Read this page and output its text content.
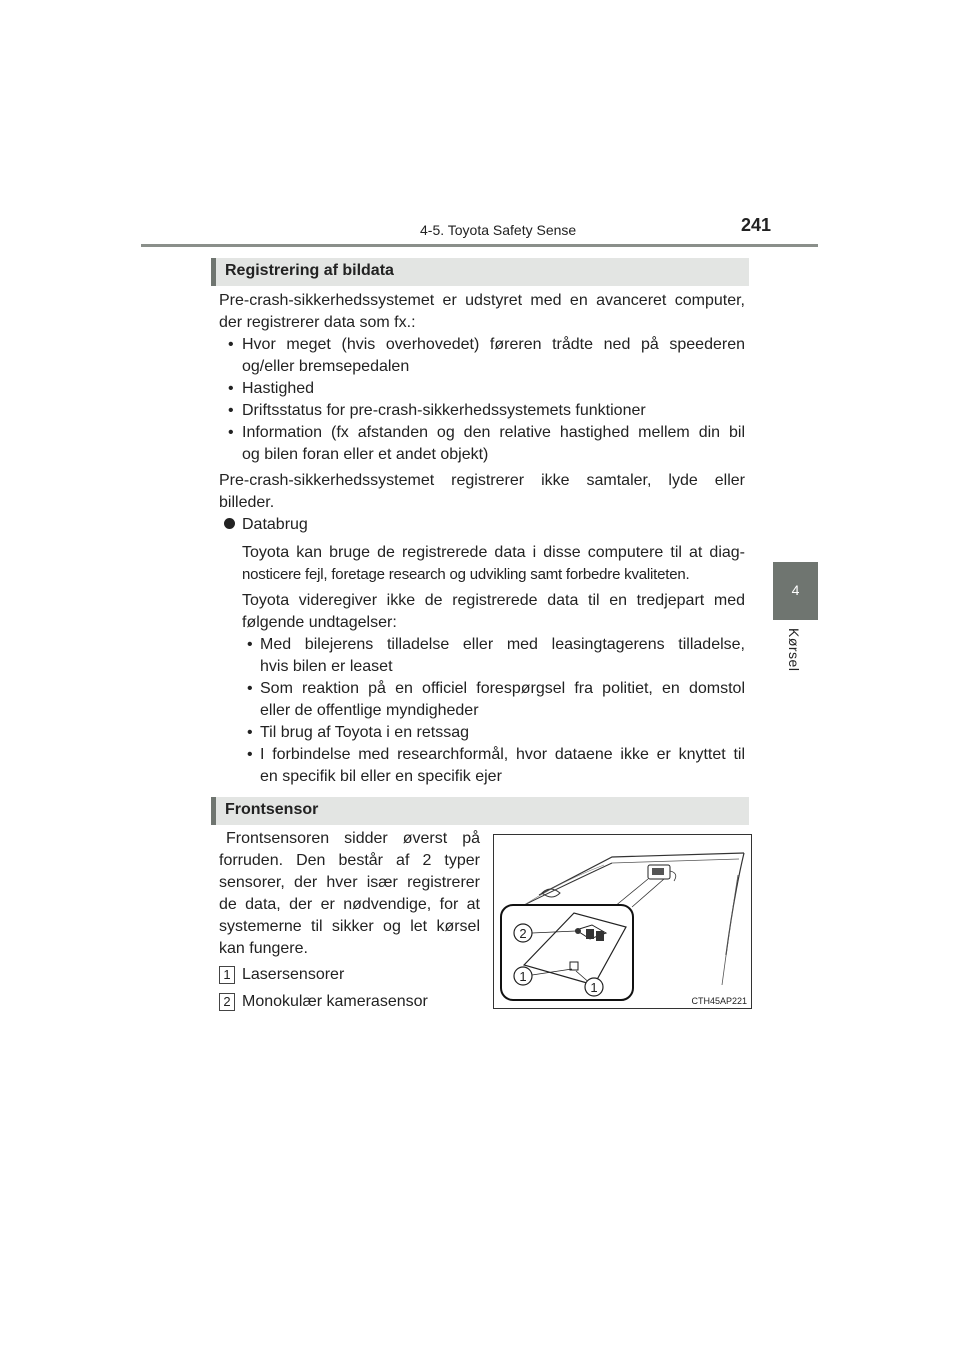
4-5. Toyota Safety Sense	241
4
Kørsel
Registrering af bildata
Pre-crash-sikkerhedssystemet er udstyret med en avanceret computer,
der registrerer data som fx.:
• Hvor meget (hvis overhovedet) føreren trådte ned på speederen
og/eller bremsepedalen
• Hastighed
• Driftsstatus for pre-crash-sikkerhedssystemets funktioner
• Information (fx afstanden og den relative hastighed mellem din bil
og bilen foran eller et andet objekt)
Pre-crash-sikkerhedssystemet registrerer ikke samtaler, lyde eller
billeder.
Databrug
Toyota kan bruge de registrerede data i disse computere til at diag-
nosticere fejl, foretage research og udvikling samt forbedre kvaliteten.
Toyota videregiver ikke de registrerede data til en tredjepart med
følgende undtagelser:
• Med bilejerens tilladelse eller med leasingtagerens tilladelse,
hvis bilen er leaset
• Som reaktion på en officiel forespørgsel fra politiet, en domstol
eller de offentlige myndigheder
• Til brug af Toyota i en retssag
• I forbindelse med researchformål, hvor dataene ikke er knyttet til
en specifik bil eller en specifik ejer
Frontsensor
Frontsensoren sidder øverst på
forruden. Den består af 2 typer
sensorer, der hver især registrerer
de data, der er nødvendige, for at
systemerne til sikker og let kørsel
kan fungere.
1 Lasersensorer
2 Monokulær kamerasensor
2
1
1
CTH45AP221
